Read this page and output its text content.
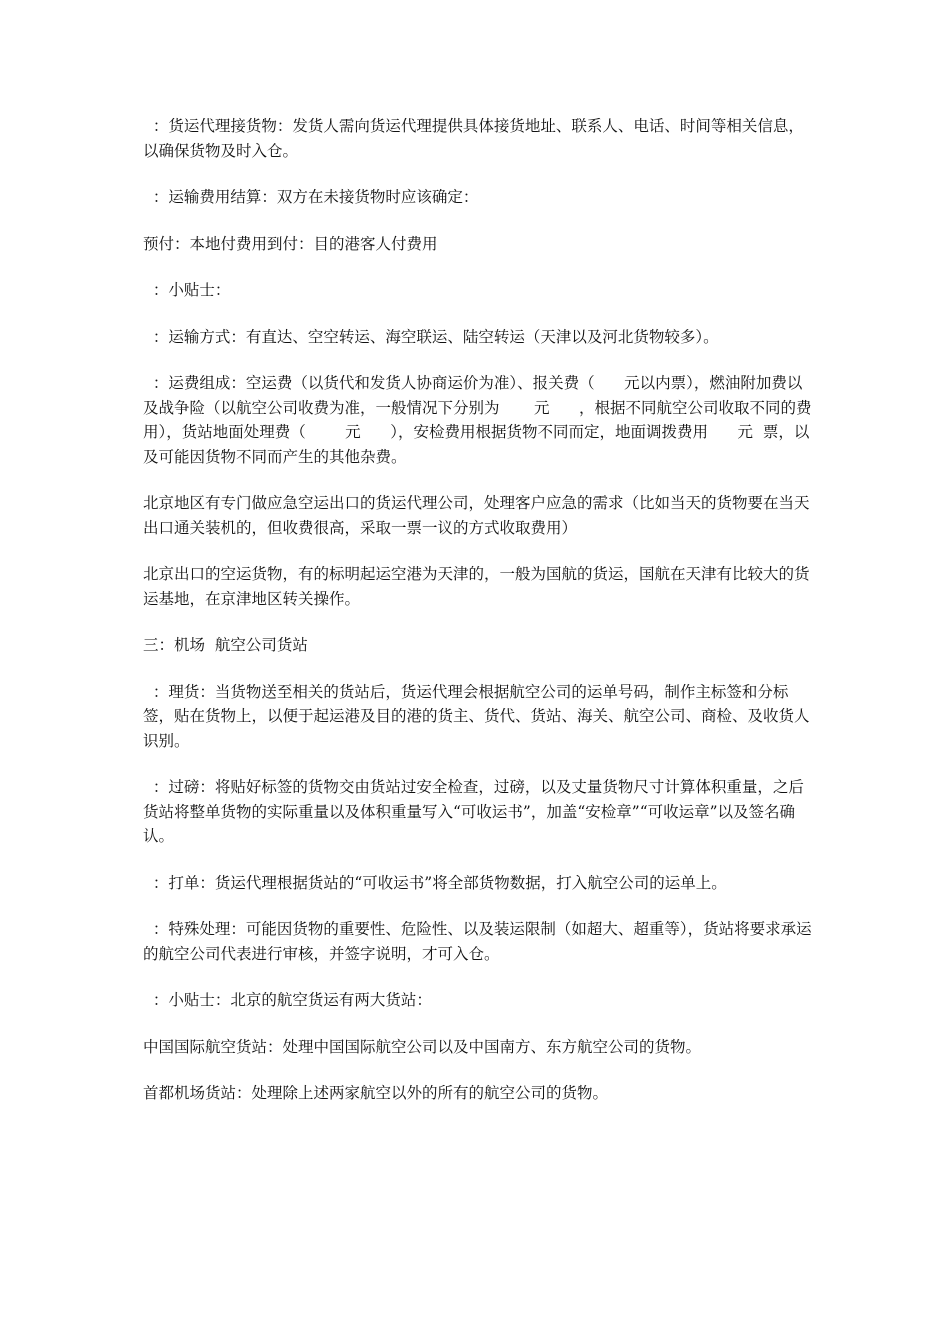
：货运代理接货物：发货人需向货运代理提供具体接货地址、联系人、电话、时间等相关信息，以确保货物及时入仓。

：运输费用结算：双方在未接货物时应该确定：

预付：本地付费用到付：目的港客人付费用

：小贴士：

：运输方式：有直达、空空转运、海空联运、陆空转运（天津以及河北货物较多）。

：运费组成：空运费（以货代和发货人协商运价为准）、报关费（      元以内票），燃油附加费以及战争险（以航空公司收费为准，一般情况下分别为       元      ，根据不同航空公司收取不同的费用），货站地面处理费（        元      ），安检费用根据货物不同而定，地面调拨费用      元  票，以及可能因货物不同而产生的其他杂费。

北京地区有专门做应急空运出口的货运代理公司，处理客户应急的需求（比如当天的货物要在当天出口通关装机的，但收费很高，采取一票一议的方式收取费用）

北京出口的空运货物，有的标明起运空港为天津的，一般为国航的货运，国航在天津有比较大的货运基地，在京津地区转关操作。

三：机场  航空公司货站

：理货：当货物送至相关的货站后，货运代理会根据航空公司的运单号码，制作主标签和分标签，贴在货物上，以便于起运港及目的港的货主、货代、货站、海关、航空公司、商检、及收货人识别。

：过磅：将贴好标签的货物交由货站过安全检查，过磅，以及丈量货物尺寸计算体积重量，之后货站将整单货物的实际重量以及体积重量写入“可收运书”，加盖“安检章”“可收运章”以及签名确认。

：打单：货运代理根据货站的“可收运书”将全部货物数据，打入航空公司的运单上。

：特殊处理：可能因货物的重要性、危险性、以及装运限制（如超大、超重等），货站将要求承运的航空公司代表进行审核，并签字说明，才可入仓。

：小贴士：北京的航空货运有两大货站：

中国国际航空货站：处理中国国际航空公司以及中国南方、东方航空公司的货物。

首都机场货站：处理除上述两家航空以外的所有的航空公司的货物。
